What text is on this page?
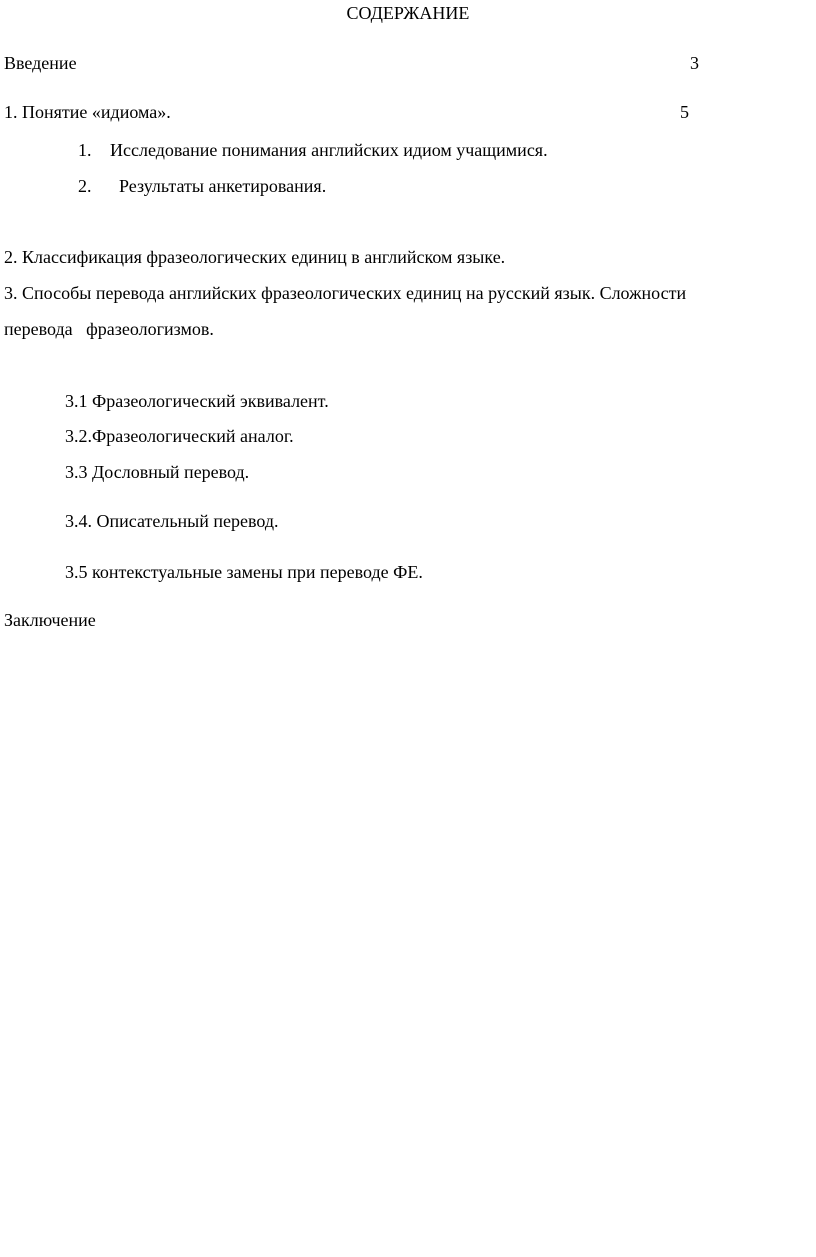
СОДЕРЖАНИЕ
Введение	3
1. Понятие «идиома».	5
1. Исследование понимания английских идиом учащимися.
2. Результаты анкетирования.
2. Классификация фразеологических единиц в английском языке.
3. Способы перевода английских фразеологических единиц на русский язык. Сложности
перевода   фразеологизмов.
3.1 Фразеологический эквивалент.
3.2.Фразеологический аналог.
3.3 Дословный перевод.
3.4. Описательный перевод.
3.5 контекстуальные замены при переводе ФЕ.
Заключение
